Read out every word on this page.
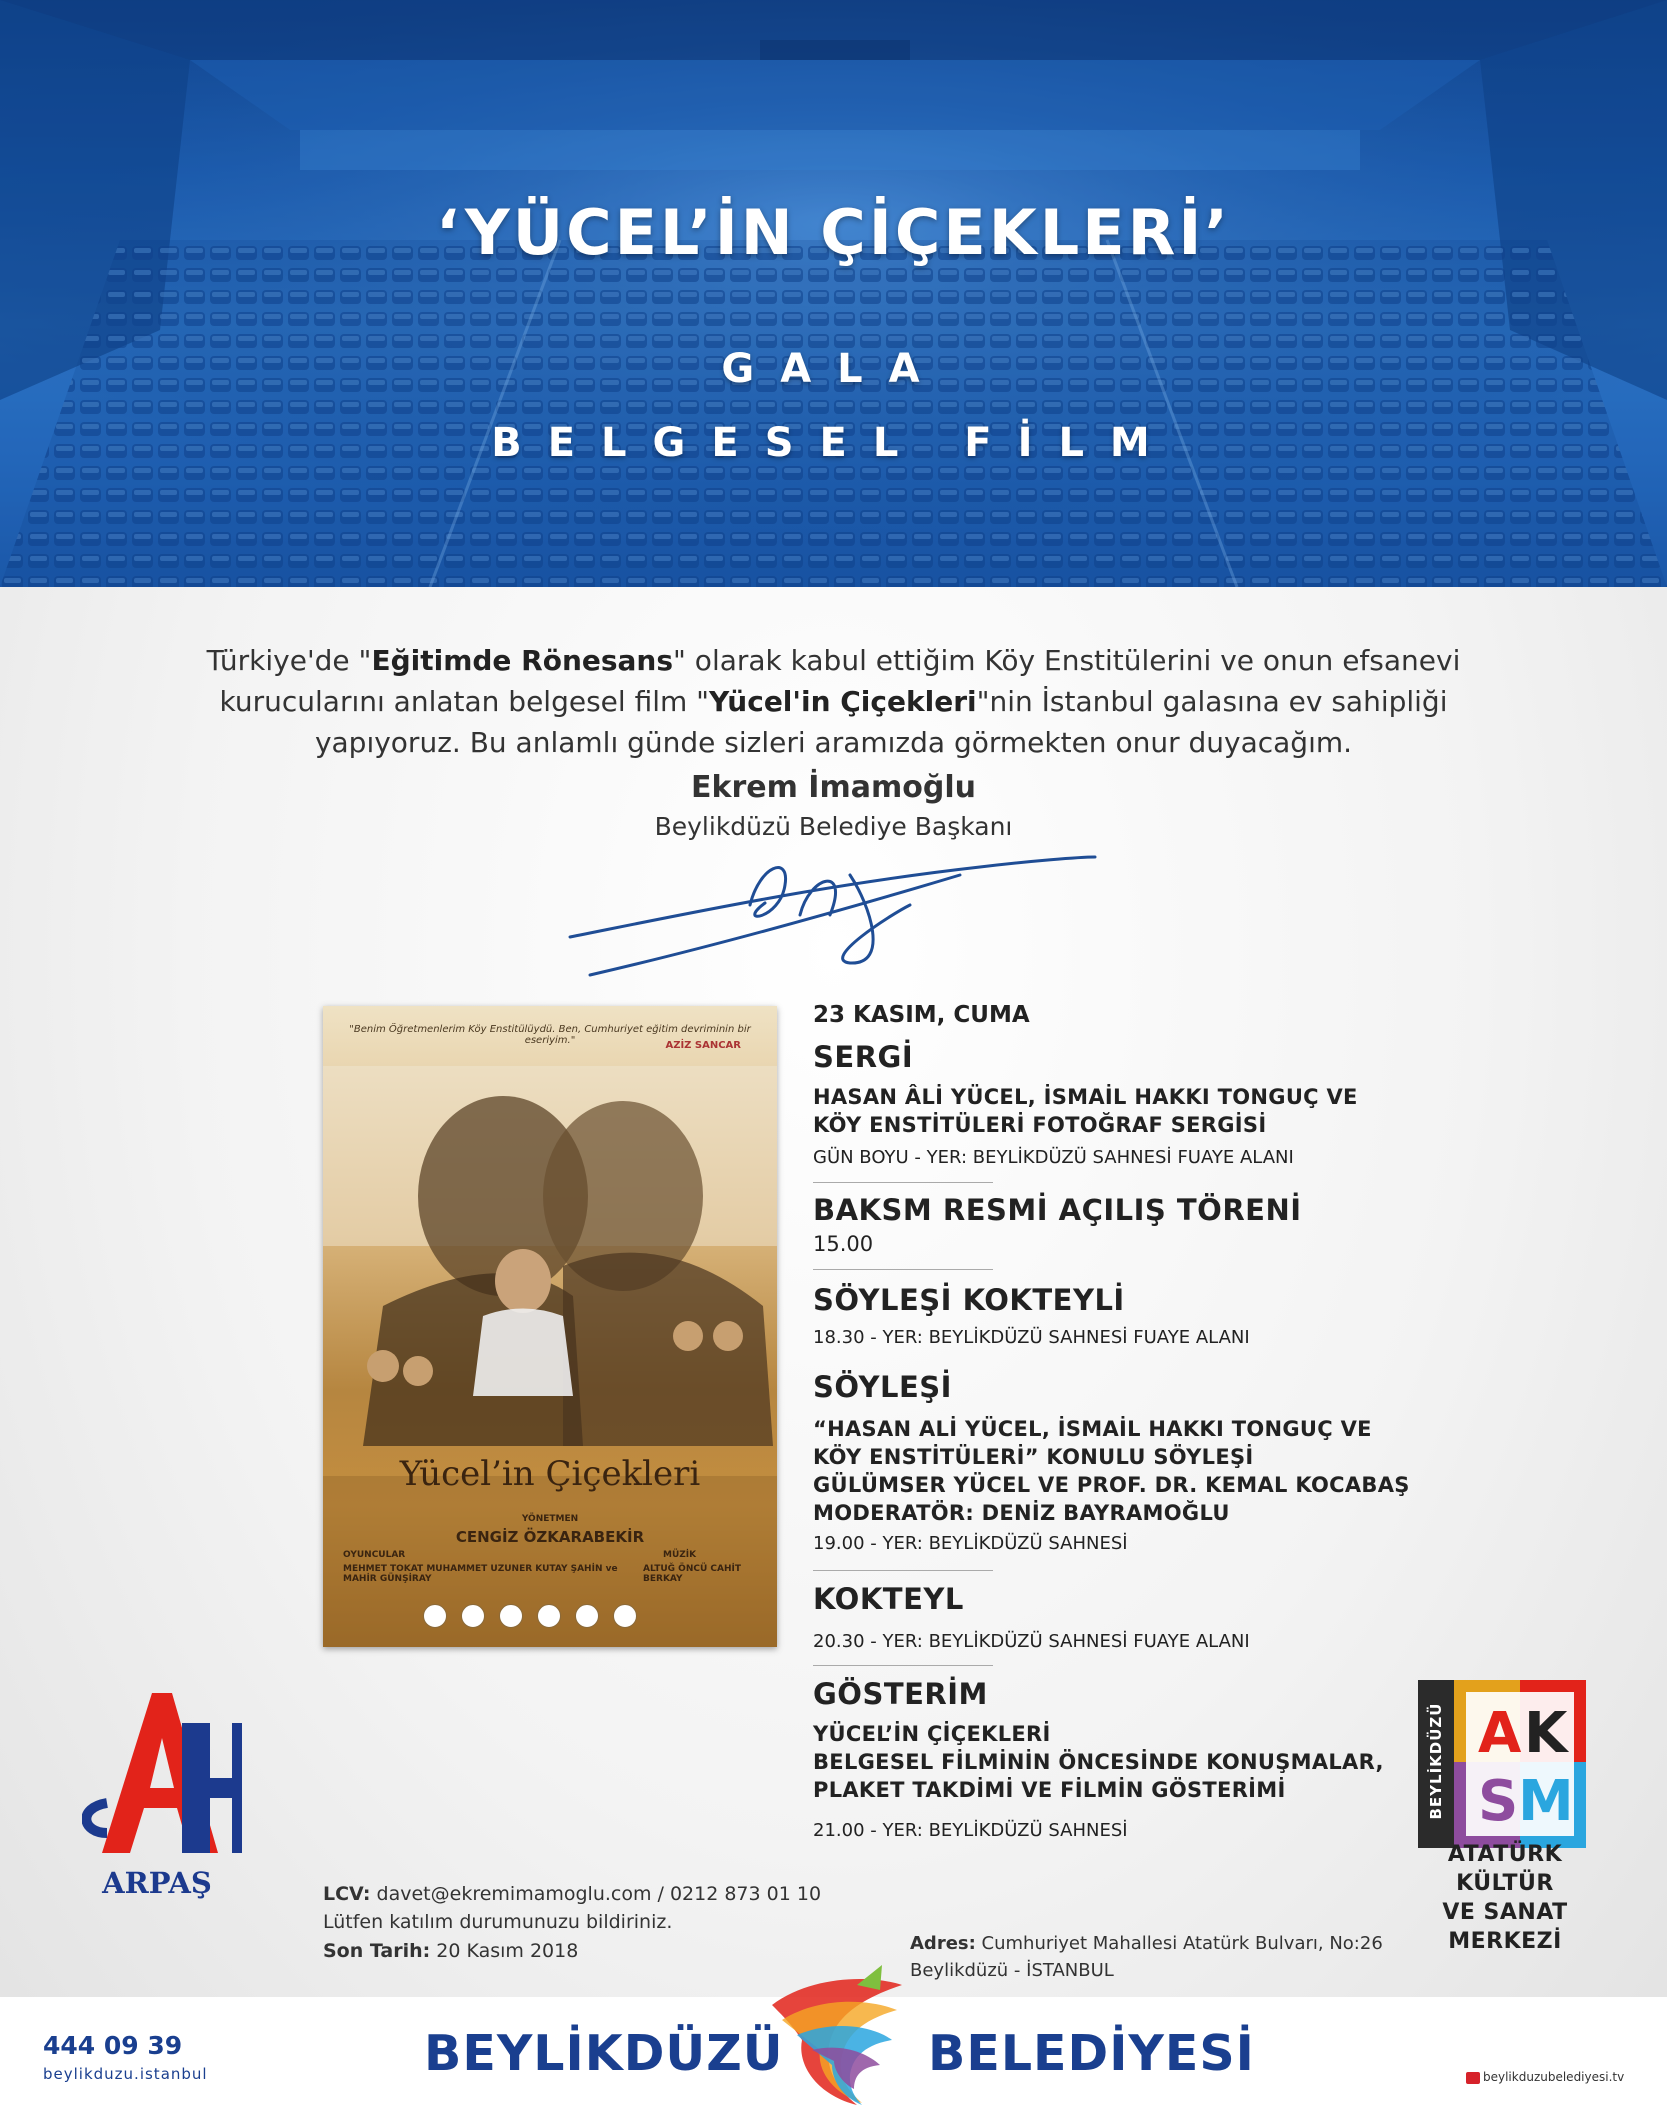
‘YÜCEL’İN ÇİÇEKLERİ’
GALA
BELGESEL FİLM
Türkiye'de "Eğitimde Rönesans" olarak kabul ettiğim Köy Enstitülerini ve onun efsanevi kurucularını anlatan belgesel film "Yücel'in Çiçekleri"nin İstanbul galasına ev sahipliği yapıyoruz. Bu anlamlı günde sizleri aramızda görmekten onur duyacağım.
Ekrem İmamoğlu
Beylikdüzü Belediye Başkanı
"Benim Öğretmenlerim Köy Enstitülüydü. Ben, Cumhuriyet eğitim devriminin bir eseriyim."	AZİZ SANCAR
Yücel’in Çiçekleri
YÖNETMEN
CENGİZ ÖZKARABEKİR
OYUNCULAR
MEHMET TOKAT MUHAMMET UZUNER KUTAY ŞAHİN ve MAHİR GÜNŞİRAY
MÜZİK
ALTUĞ ÖNCÜ CAHİT BERKAY
23 KASIM, CUMA
SERGİ
HASAN ÂLİ YÜCEL, İSMAİL HAKKI TONGUÇ VE
KÖY ENSTİTÜLERİ FOTOĞRAF SERGİSİ
GÜN BOYU - YER: BEYLİKDÜZÜ SAHNESİ FUAYE ALANI
BAKSM RESMİ AÇILIŞ TÖRENİ
15.00
SÖYLEŞİ KOKTEYLİ
18.30 - YER: BEYLİKDÜZÜ SAHNESİ FUAYE ALANI
SÖYLEŞİ
“HASAN ALİ YÜCEL, İSMAİL HAKKI TONGUÇ VE
KÖY ENSTİTÜLERİ” KONULU SÖYLEŞİ
GÜLÜMSER YÜCEL VE PROF. DR. KEMAL KOCABAŞ
MODERATÖR: DENİZ BAYRAMOĞLU
19.00 - YER: BEYLİKDÜZÜ SAHNESİ
KOKTEYL
20.30 - YER: BEYLİKDÜZÜ SAHNESİ FUAYE ALANI
GÖSTERİM
YÜCEL’İN ÇİÇEKLERİ
BELGESEL FİLMİNİN ÖNCESİNDE KONUŞMALAR,
PLAKET TAKDİMİ VE FİLMİN GÖSTERİMİ
21.00 - YER: BEYLİKDÜZÜ SAHNESİ
ARPAŞ
A K
S M
BEYLİKDÜZÜ
ATATÜRK KÜLTÜR
VE SANAT MERKEZİ
LCV: davet@ekremimamoglu.com / 0212 873 01 10
Lütfen katılım durumunuzu bildiriniz.
Son Tarih: 20 Kasım 2018	Adres: Cumhuriyet Mahallesi Atatürk Bulvarı, No:26
Beylikdüzü - İSTANBUL
444 09 39
beylikduzu.istanbul	BEYLİKDÜZÜ	BELEDİYESİ	beylikduzubelediyesi.tv
